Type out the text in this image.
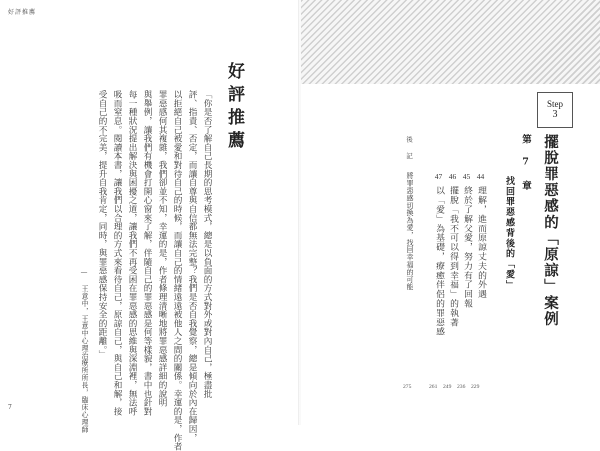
好評推薦
好評推薦
「你是否了解自己長期的思考模式，總是以負面的方式對外或對內自己，極盡批
評、指責、否定，而讓自尊與自信都無法完整？我們是否自我覺察，總是傾向於內在歸因，
以拒絕自己被愛和對待自己的時候，而讓自己的情緒遠遠被他人之間的關係。幸運的是，作者
罪惡感何其複雜，我們卻並不知，幸運的是，作者條理清晰地將罪惡感詳細的說明
與舉例，讓我們有機會打開心窗來了解，伴隨自己的罪惡感是何等樣貌，書中也針對
每一種狀況提出解決與困擾之道，讓我們不再受困在罪惡感的思維與深淵裡，無法呼
吸而窒息。閱讀本書，讓我們以合理的方式來看待自己，原諒自己，與自己和解，接
受自己的不完美，提升自我肯定，同時，與罪惡感保持安全的距離。」
— 王意中，王意中心理治療所所長，臨床心理師
7
Step
3
擺脫罪惡感的「原諒」案例
第 7 章
找回罪惡感背後的「愛」
44
理解，進而原諒丈夫的外遇
229
45
終於了解父愛，努力有了回報
236
46
擺脫「我不可以得到幸福」的執著
249
47
以「愛」為基礎，療癒伴侶的罪惡感
261
後記
將罪惡感切換為愛，找回幸福的可能
275
